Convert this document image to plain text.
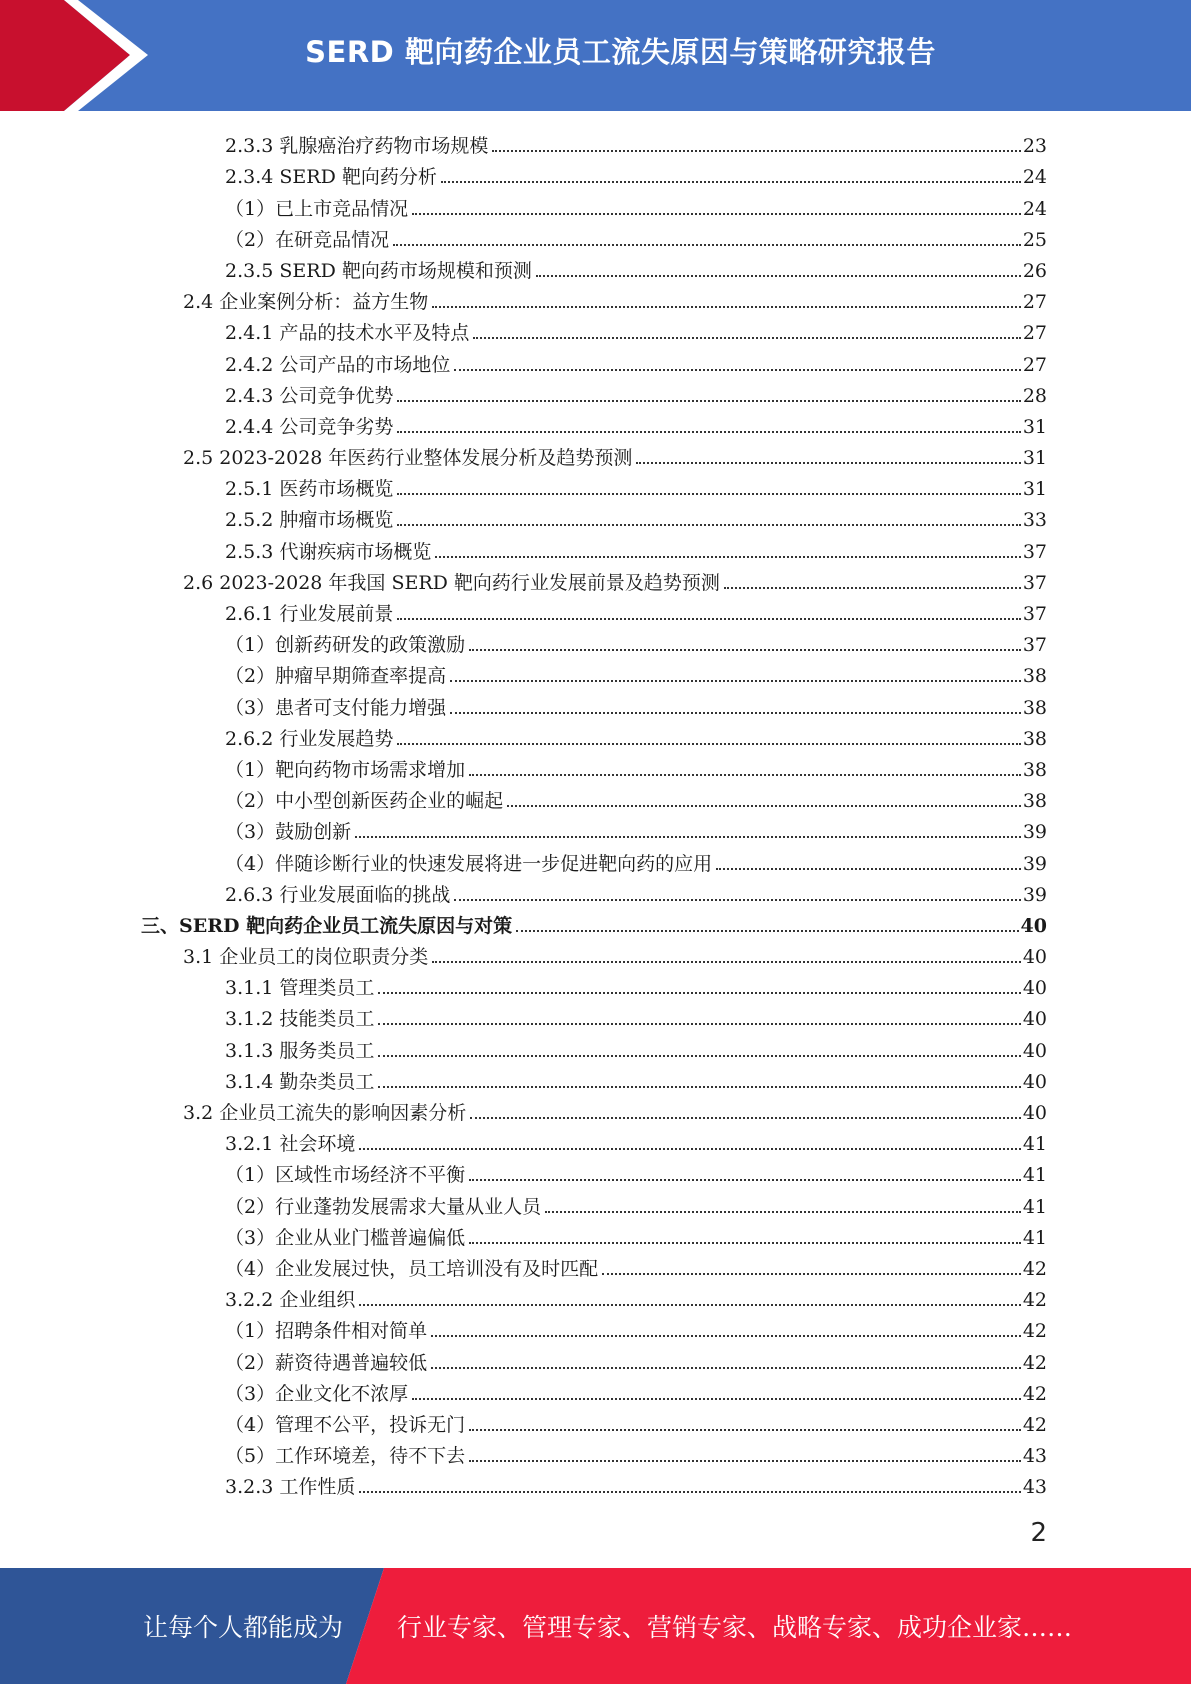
SERD 靶向药企业员工流失原因与策略研究报告
2.3.3 乳腺癌治疗药物市场规模	23
2.3.4 SERD 靶向药分析	24
（1）已上市竞品情况	24
（2）在研竞品情况	25
2.3.5 SERD 靶向药市场规模和预测	26
2.4 企业案例分析：益方生物	27
2.4.1 产品的技术水平及特点	27
2.4.2 公司产品的市场地位	27
2.4.3 公司竞争优势	28
2.4.4 公司竞争劣势	31
2.5 2023-2028 年医药行业整体发展分析及趋势预测	31
2.5.1 医药市场概览	31
2.5.2 肿瘤市场概览	33
2.5.3 代谢疾病市场概览	37
2.6 2023-2028 年我国 SERD 靶向药行业发展前景及趋势预测	37
2.6.1 行业发展前景	37
（1）创新药研发的政策激励	37
（2）肿瘤早期筛查率提高	38
（3）患者可支付能力增强	38
2.6.2 行业发展趋势	38
（1）靶向药物市场需求增加	38
（2）中小型创新医药企业的崛起	38
（3）鼓励创新	39
（4）伴随诊断行业的快速发展将进一步促进靶向药的应用	39
2.6.3 行业发展面临的挑战	39
三、SERD 靶向药企业员工流失原因与对策	40
3.1 企业员工的岗位职责分类	40
3.1.1 管理类员工	40
3.1.2 技能类员工	40
3.1.3 服务类员工	40
3.1.4 勤杂类员工	40
3.2 企业员工流失的影响因素分析	40
3.2.1 社会环境	41
（1）区域性市场经济不平衡	41
（2）行业蓬勃发展需求大量从业人员	41
（3）企业从业门槛普遍偏低	41
（4）企业发展过快，员工培训没有及时匹配	42
3.2.2 企业组织	42
（1）招聘条件相对简单	42
（2）薪资待遇普遍较低	42
（3）企业文化不浓厚	42
（4）管理不公平，投诉无门	42
（5）工作环境差，待不下去	43
3.2.3 工作性质	43
2
让每个人都能成为 行业专家、管理专家、营销专家、战略专家、成功企业家……
